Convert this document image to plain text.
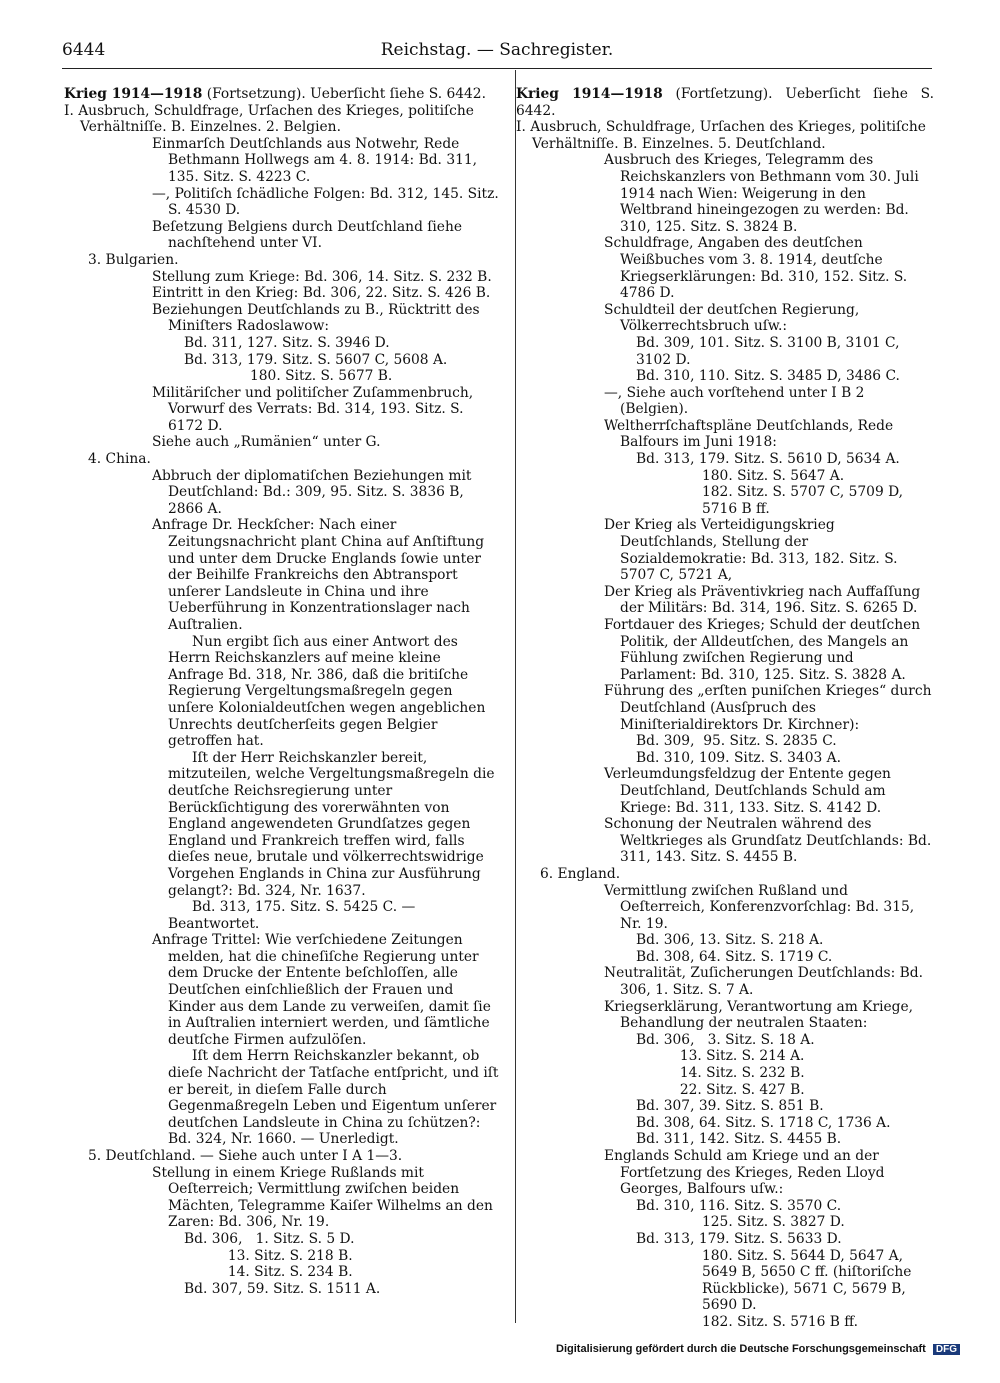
6444	Reichstag. — Sachregister.
Krieg 1914—1918 (Fortsetzung). Ueberſicht ſiehe S. 6442.
I. Ausbruch, Schuldfrage, Urſachen des Krieges, politiſche Verhältniſſe. B. Einzelnes. 2. Belgien.
Einmarſch Deutſchlands aus Notwehr, Rede Bethmann Hollwegs am 4. 8. 1914: Bd. 311, 135. Sitz. S. 4223 C.
—, Politiſch ſchädliche Folgen: Bd. 312, 145. Sitz. S. 4530 D.
Beſetzung Belgiens durch Deutſchland ſiehe nachſtehend unter VI.
3. Bulgarien.
Stellung zum Kriege: Bd. 306, 14. Sitz. S. 232 B.
Eintritt in den Krieg: Bd. 306, 22. Sitz. S. 426 B.
Beziehungen Deutſchlands zu B., Rücktritt des Miniſters Radoslawow:
Bd. 311, 127. Sitz. S. 3946 D.
Bd. 313, 179. Sitz. S. 5607 C, 5608 A.
180. Sitz. S. 5677 B.
Militäriſcher und politiſcher Zuſammenbruch, Vorwurf des Verrats: Bd. 314, 193. Sitz. S. 6172 D.
Siehe auch „Rumänien“ unter G.
4. China.
Abbruch der diplomatiſchen Beziehungen mit Deutſchland: Bd.: 309, 95. Sitz. S. 3836 B, 2866 A.
Anfrage Dr. Heckſcher: Nach einer Zeitungsnachricht plant China auf Anſtiftung und unter dem Drucke Englands ſowie unter der Beihilfe Frankreichs den Abtransport unſerer Landsleute in China und ihre Ueberführung in Konzentrationslager nach Auſtralien.
Nun ergibt ſich aus einer Antwort des Herrn Reichskanzlers auf meine kleine Anfrage Bd. 318, Nr. 386, daß die britiſche Regierung Vergeltungsmaßregeln gegen unſere Kolonialdeutſchen wegen angeblichen Unrechts deutſcherſeits gegen Belgier getroffen hat.
Iſt der Herr Reichskanzler bereit, mitzuteilen, welche Vergeltungsmaßregeln die deutſche Reichsregierung unter Berückſichtigung des vorerwähnten von England angewendeten Grundſatzes gegen England und Frankreich treffen wird, falls dieſes neue, brutale und völkerrechtswidrige Vorgehen Englands in China zur Ausführung gelangt?: Bd. 324, Nr. 1637.
Bd. 313, 175. Sitz. S. 5425 C. — Beantwortet.
Anfrage Trittel: Wie verſchiedene Zeitungen melden, hat die chineſiſche Regierung unter dem Drucke der Entente beſchloſſen, alle Deutſchen einſchließlich der Frauen und Kinder aus dem Lande zu verweiſen, damit ſie in Auſtralien interniert werden, und ſämtliche deutſche Firmen aufzulöſen.
Iſt dem Herrn Reichskanzler bekannt, ob dieſe Nachricht der Tatſache entſpricht, und iſt er bereit, in dieſem Falle durch Gegenmaßregeln Leben und Eigentum unſerer deutſchen Landsleute in China zu ſchützen?: Bd. 324, Nr. 1660. — Unerledigt.
5. Deutſchland. — Siehe auch unter I A 1—3.
Stellung in einem Kriege Rußlands mit Oeſterreich; Vermittlung zwiſchen beiden Mächten, Telegramme Kaiſer Wilhelms an den Zaren: Bd. 306, Nr. 19.
Bd. 306,   1. Sitz. S. 5 D.
13. Sitz. S. 218 B.
14. Sitz. S. 234 B.
Bd. 307, 59. Sitz. S. 1511 A.
Krieg 1914—1918 (Fortſetzung). Ueberſicht ſiehe S. 6442.
I. Ausbruch, Schuldfrage, Urſachen des Krieges, politiſche Verhältniſſe. B. Einzelnes. 5. Deutſchland.
Ausbruch des Krieges, Telegramm des Reichskanzlers von Bethmann vom 30. Juli 1914 nach Wien: Weigerung in den Weltbrand hineingezogen zu werden: Bd. 310, 125. Sitz. S. 3824 B.
Schuldfrage, Angaben des deutſchen Weißbuches vom 3. 8. 1914, deutſche Kriegserklärungen: Bd. 310, 152. Sitz. S. 4786 D.
Schuldteil der deutſchen Regierung, Völkerrechtsbruch uſw.:
Bd. 309, 101. Sitz. S. 3100 B, 3101 C, 3102 D.
Bd. 310, 110. Sitz. S. 3485 D, 3486 C.
—, Siehe auch vorſtehend unter I B 2 (Belgien).
Weltherrſchaftspläne Deutſchlands, Rede Balfours im Juni 1918:
Bd. 313, 179. Sitz. S. 5610 D, 5634 A.
180. Sitz. S. 5647 A.
182. Sitz. S. 5707 C, 5709 D, 5716 B ff.
Der Krieg als Verteidigungskrieg Deutſchlands, Stellung der Sozialdemokratie: Bd. 313, 182. Sitz. S. 5707 C, 5721 A,
Der Krieg als Präventivkrieg nach Auffaſſung der Militärs: Bd. 314, 196. Sitz. S. 6265 D.
Fortdauer des Krieges; Schuld der deutſchen Politik, der Alldeutſchen, des Mangels an Fühlung zwiſchen Regierung und Parlament: Bd. 310, 125. Sitz. S. 3828 A.
Führung des „erſten puniſchen Krieges“ durch Deutſchland (Ausſpruch des Miniſterialdirektors Dr. Kirchner):
Bd. 309,  95. Sitz. S. 2835 C.
Bd. 310, 109. Sitz. S. 3403 A.
Verleumdungsfeldzug der Entente gegen Deutſchland, Deutſchlands Schuld am Kriege: Bd. 311, 133. Sitz. S. 4142 D.
Schonung der Neutralen während des Weltkrieges als Grundſatz Deutſchlands: Bd. 311, 143. Sitz. S. 4455 B.
6. England.
Vermittlung zwiſchen Rußland und Oeſterreich, Konferenzvorſchlag: Bd. 315, Nr. 19.
Bd. 306, 13. Sitz. S. 218 A.
Bd. 308, 64. Sitz. S. 1719 C.
Neutralität, Zuſicherungen Deutſchlands: Bd. 306, 1. Sitz. S. 7 A.
Kriegserklärung, Verantwortung am Kriege, Behandlung der neutralen Staaten:
Bd. 306,   3. Sitz. S. 18 A.
13. Sitz. S. 214 A.
14. Sitz. S. 232 B.
22. Sitz. S. 427 B.
Bd. 307, 39. Sitz. S. 851 B.
Bd. 308, 64. Sitz. S. 1718 C, 1736 A.
Bd. 311, 142. Sitz. S. 4455 B.
Englands Schuld am Kriege und an der Fortſetzung des Krieges, Reden Lloyd Georges, Balfours uſw.:
Bd. 310, 116. Sitz. S. 3570 C.
125. Sitz. S. 3827 D.
Bd. 313, 179. Sitz. S. 5633 D.
180. Sitz. S. 5644 D, 5647 A, 5649 B, 5650 C ff. (hiſtoriſche Rückblicke), 5671 C, 5679 B, 5690 D.
182. Sitz. S. 5716 B ff.
Digitalisierung gefördert durch die Deutsche Forschungsgemeinschaft DFG
